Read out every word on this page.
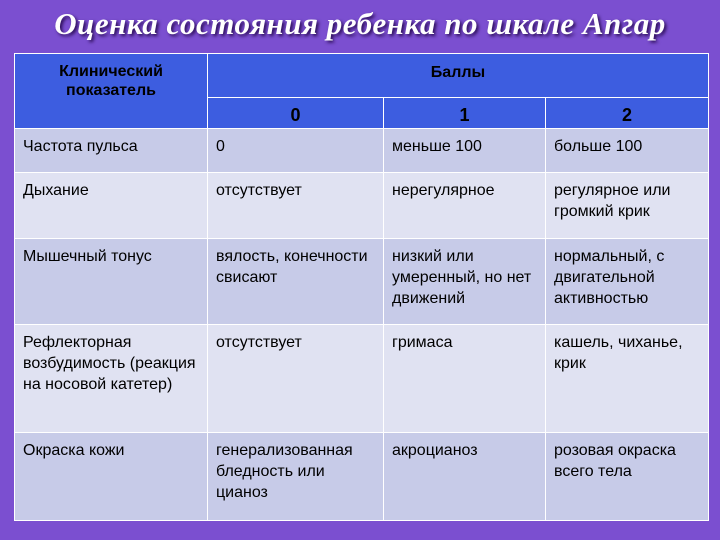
Оценка состояния ребенка по шкале Апгар
Клинический показатель	Баллы		
	0	1	2
Частота пульса	0	меньше 100	больше 100
Дыхание	отсутствует	нерегулярное	регулярное или громкий крик
Мышечный тонус	вялость, конечности свисают	низкий или умеренный, но нет движений	нормальный, с двигательной активностью
Рефлекторная возбудимость (реакция на носовой катетер)	отсутствует	гримаса	кашель, чиханье, крик
Окраска кожи	генерализованная бледность или цианоз	акроцианоз	розовая окраска всего тела
